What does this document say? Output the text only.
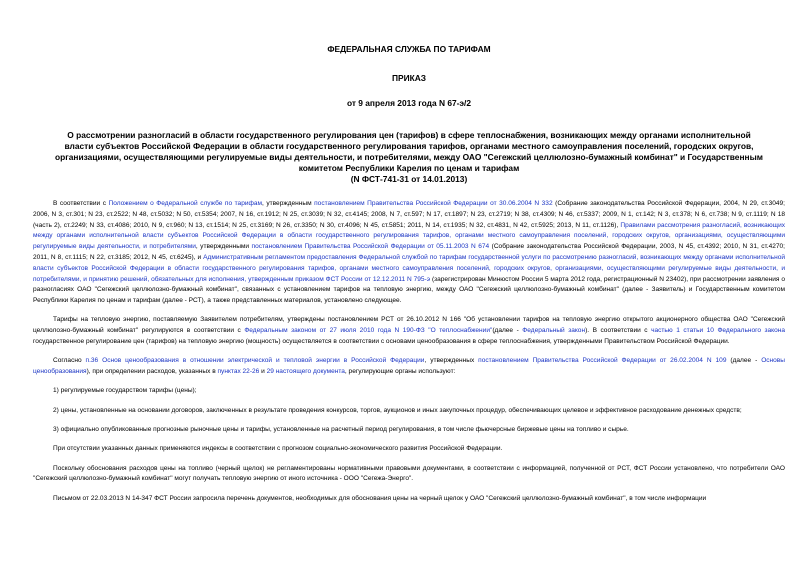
ФЕДЕРАЛЬНАЯ СЛУЖБА ПО ТАРИФАМ
ПРИКАЗ
от 9 апреля 2013 года N 67-э/2
О рассмотрении разногласий в области государственного регулирования цен (тарифов) в сфере теплоснабжения, возникающих между органами исполнительной власти субъектов Российской Федерации в области государственного регулирования тарифов, органами местного самоуправления поселений, городских округов, организациями, осуществляющими регулируемые виды деятельности, и потребителями, между ОАО "Сегежский целлюлозно-бумажный комбинат" и Государственным комитетом Республики Карелия по ценам и тарифам
(N ФСТ-741-31 от 14.01.2013)

В соответствии с Положением о Федеральной службе по тарифам, утвержденным постановлением Правительства Российской Федерации от 30.06.2004 N 332 (Собрание законодательства Российской Федерации, 2004, N 29, ст.3049; 2006, N 3, ст.301; N 23, ст.2522; N 48, ст.5032; N 50, ст.5354; 2007, N 16, ст.1912; N 25, ст.3039; N 32, ст.4145; 2008, N 7, ст.597; N 17, ст.1897; N 23, ст.2719; N 38, ст.4309; N 46, ст.5337; 2009, N 1, ст.142; N 3, ст.378; N 6, ст.738; N 9, ст.1119; N 18 (часть 2), ст.2249; N 33, ст.4086; 2010, N 9, ст.960; N 13, ст.1514; N 25, ст.3169; N 26, ст.3350; N 30, ст.4096; N 45, ст.5851; 2011, N 14, ст.1935; N 32, ст.4831, N 42, ст.5925; 2013, N 11, ст.1126), Правилами рассмотрения разногласий, возникающих между органами исполнительной власти субъектов Российской Федерации в области государственного регулирования тарифов, органами местного самоуправления поселений, городских округов, организациями, осуществляющими регулируемые виды деятельности, и потребителями, утвержденными постановлением Правительства Российской Федерации от 05.11.2003 N 674 (Собрание законодательства Российской Федерации, 2003, N 45, ст.4392; 2010, N 31, ст.4270; 2011, N 8, ст.1115; N 22, ст.3185; 2012, N 45, ст.6245), и Административным регламентом предоставления Федеральной службой по тарифам государственной услуги по рассмотрению разногласий, возникающих между органами исполнительной власти субъектов Российской Федерации в области государственного регулирования тарифов, органами местного самоуправления поселений, городских округов, организациями, осуществляющими регулируемые виды деятельности, и потребителями, и принятию решений, обязательных для исполнения, утвержденным приказом ФСТ России от 12.12.2011 N 795-э (зарегистрирован Минюстом России 5 марта 2012 года, регистрационный N 23402), при рассмотрении заявления о разногласиях ОАО "Сегежский целлюлозно-бумажный комбинат", связанных с установлением тарифов на тепловую энергию, между ОАО "Сегежский целлюлозно-бумажный комбинат" (далее - Заявитель) и Государственным комитетом Республики Карелия по ценам и тарифам (далее - РСТ), а также представленных материалов, установлено следующее.

Тарифы на тепловую энергию, поставляемую Заявителем потребителям, утверждены постановлением РСТ от 26.10.2012 N 166 "Об установлении тарифов на тепловую энергию открытого акционерного общества ОАО "Сегежский целлюлозно-бумажный комбинат" регулируются в соответствии с Федеральным законом от 27 июля 2010 года N 190-ФЗ "О теплоснабжении"(далее - Федеральный закон). В соответствии с частью 1 статьи 10 Федерального закона государственное регулирование цен (тарифов) на тепловую энергию (мощность) осуществляется в соответствии с основами ценообразования в сфере теплоснабжения, утвержденными Правительством Российской Федерации.

Согласно п.36 Основ ценообразования в отношении электрической и тепловой энергии в Российской Федерации, утвержденных постановлением Правительства Российской Федерации от 26.02.2004 N 109 (далее - Основы ценообразования), при определении расходов, указанных в пунктах 22-26 и 29 настоящего документа, регулирующие органы используют:

1) регулируемые государством тарифы (цены);

2) цены, установленные на основании договоров, заключенных в результате проведения конкурсов, торгов, аукционов и иных закупочных процедур, обеспечивающих целевое и эффективное расходование денежных средств;

3) официально опубликованные прогнозные рыночные цены и тарифы, установленные на расчетный период регулирования, в том числе фьючерсные биржевые цены на топливо и сырье.

При отсутствии указанных данных применяются индексы в соответствии с прогнозом социально-экономического развития Российской Федерации.

Поскольку обоснования расходов цены на топливо (черный щелок) не регламентированы нормативными правовыми документами, в соответствии с информацией, полученной от РСТ, ФСТ России установлено, что потребители ОАО "Сегежский целлюлозно-бумажный комбинат" могут получать тепловую энергию от иного источника - ООО "Сегежа-Энерго".

Письмом от 22.03.2013 N 14-347 ФСТ России запросила перечень документов, необходимых для обоснования цены на черный щелок у ОАО "Сегежский целлюлозно-бумажный комбинат", в том числе информации
